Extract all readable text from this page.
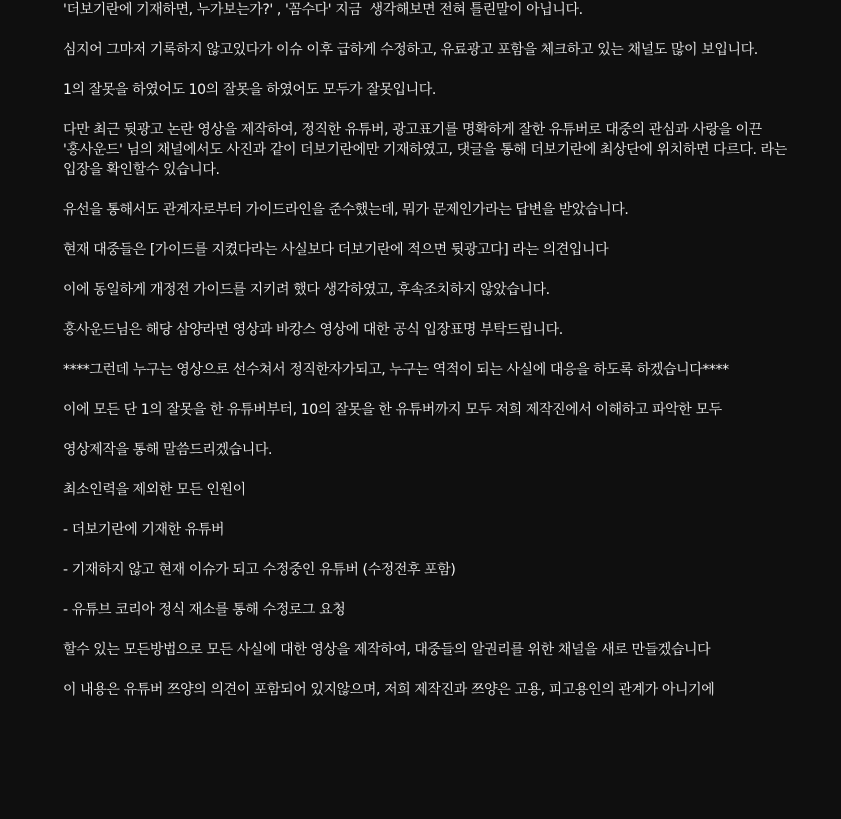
'더보기란에 기재하면, 누가보는가?' , '꼼수다' 지금  생각해보면 전혀 틀린말이 아닙니다.

심지어 그마저 기록하지 않고있다가 이슈 이후 급하게 수정하고, 유료광고 포함을 체크하고 있는 채널도 많이 보입니다.

1의 잘못을 하였어도 10의 잘못을 하였어도 모두가 잘못입니다.

다만 최근 뒷광고 논란 영상을 제작하여, 정직한 유튜버, 광고표기를 명확하게 잘한 유튜버로 대중의 관심과 사랑을 이끈 '홍사운드' 님의 채널에서도 사진과 같이 더보기란에만 기재하였고, 댓글을 통해 더보기란에 최상단에 위치하면 다르다. 라는 입장을 확인할수 있습니다.

유선을 통해서도 관계자로부터 가이드라인을 준수했는데, 뭐가 문제인가라는 답변을 받았습니다.

현재 대중들은 [가이드를 지켰다라는 사실보다 더보기란에 적으면 뒷광고다] 라는 의견입니다

이에 동일하게 개정전 가이드를 지키려 했다 생각하였고, 후속조치하지 않았습니다.

홍사운드님은 해당 삼양라면 영상과 바캉스 영상에 대한 공식 입장표명 부탁드립니다.

****그런데 누구는 영상으로 선수쳐서 정직한자가되고, 누구는 역적이 되는 사실에 대응을 하도록 하겠습니다****

이에 모든 단 1의 잘못을 한 유튜버부터, 10의 잘못을 한 유튜버까지 모두 저희 제작진에서 이해하고 파악한 모두

영상제작을 통해 말씀드리겠습니다.

최소인력을 제외한 모든 인원이

- 더보기란에 기재한 유튜버

- 기재하지 않고 현재 이슈가 되고 수정중인 유튜버 (수정전후 포함)

- 유튜브 코리아 정식 재소를 통해 수정로그 요청

할수 있는 모든방법으로 모든 사실에 대한 영상을 제작하여, 대중들의 알권리를 위한 채널을 새로 만들겠습니다

이 내용은 유튜버 쯔양의 의견이 포함되어 있지않으며, 저희 제작진과 쯔양은 고용, 피고용인의 관계가 아니기에
